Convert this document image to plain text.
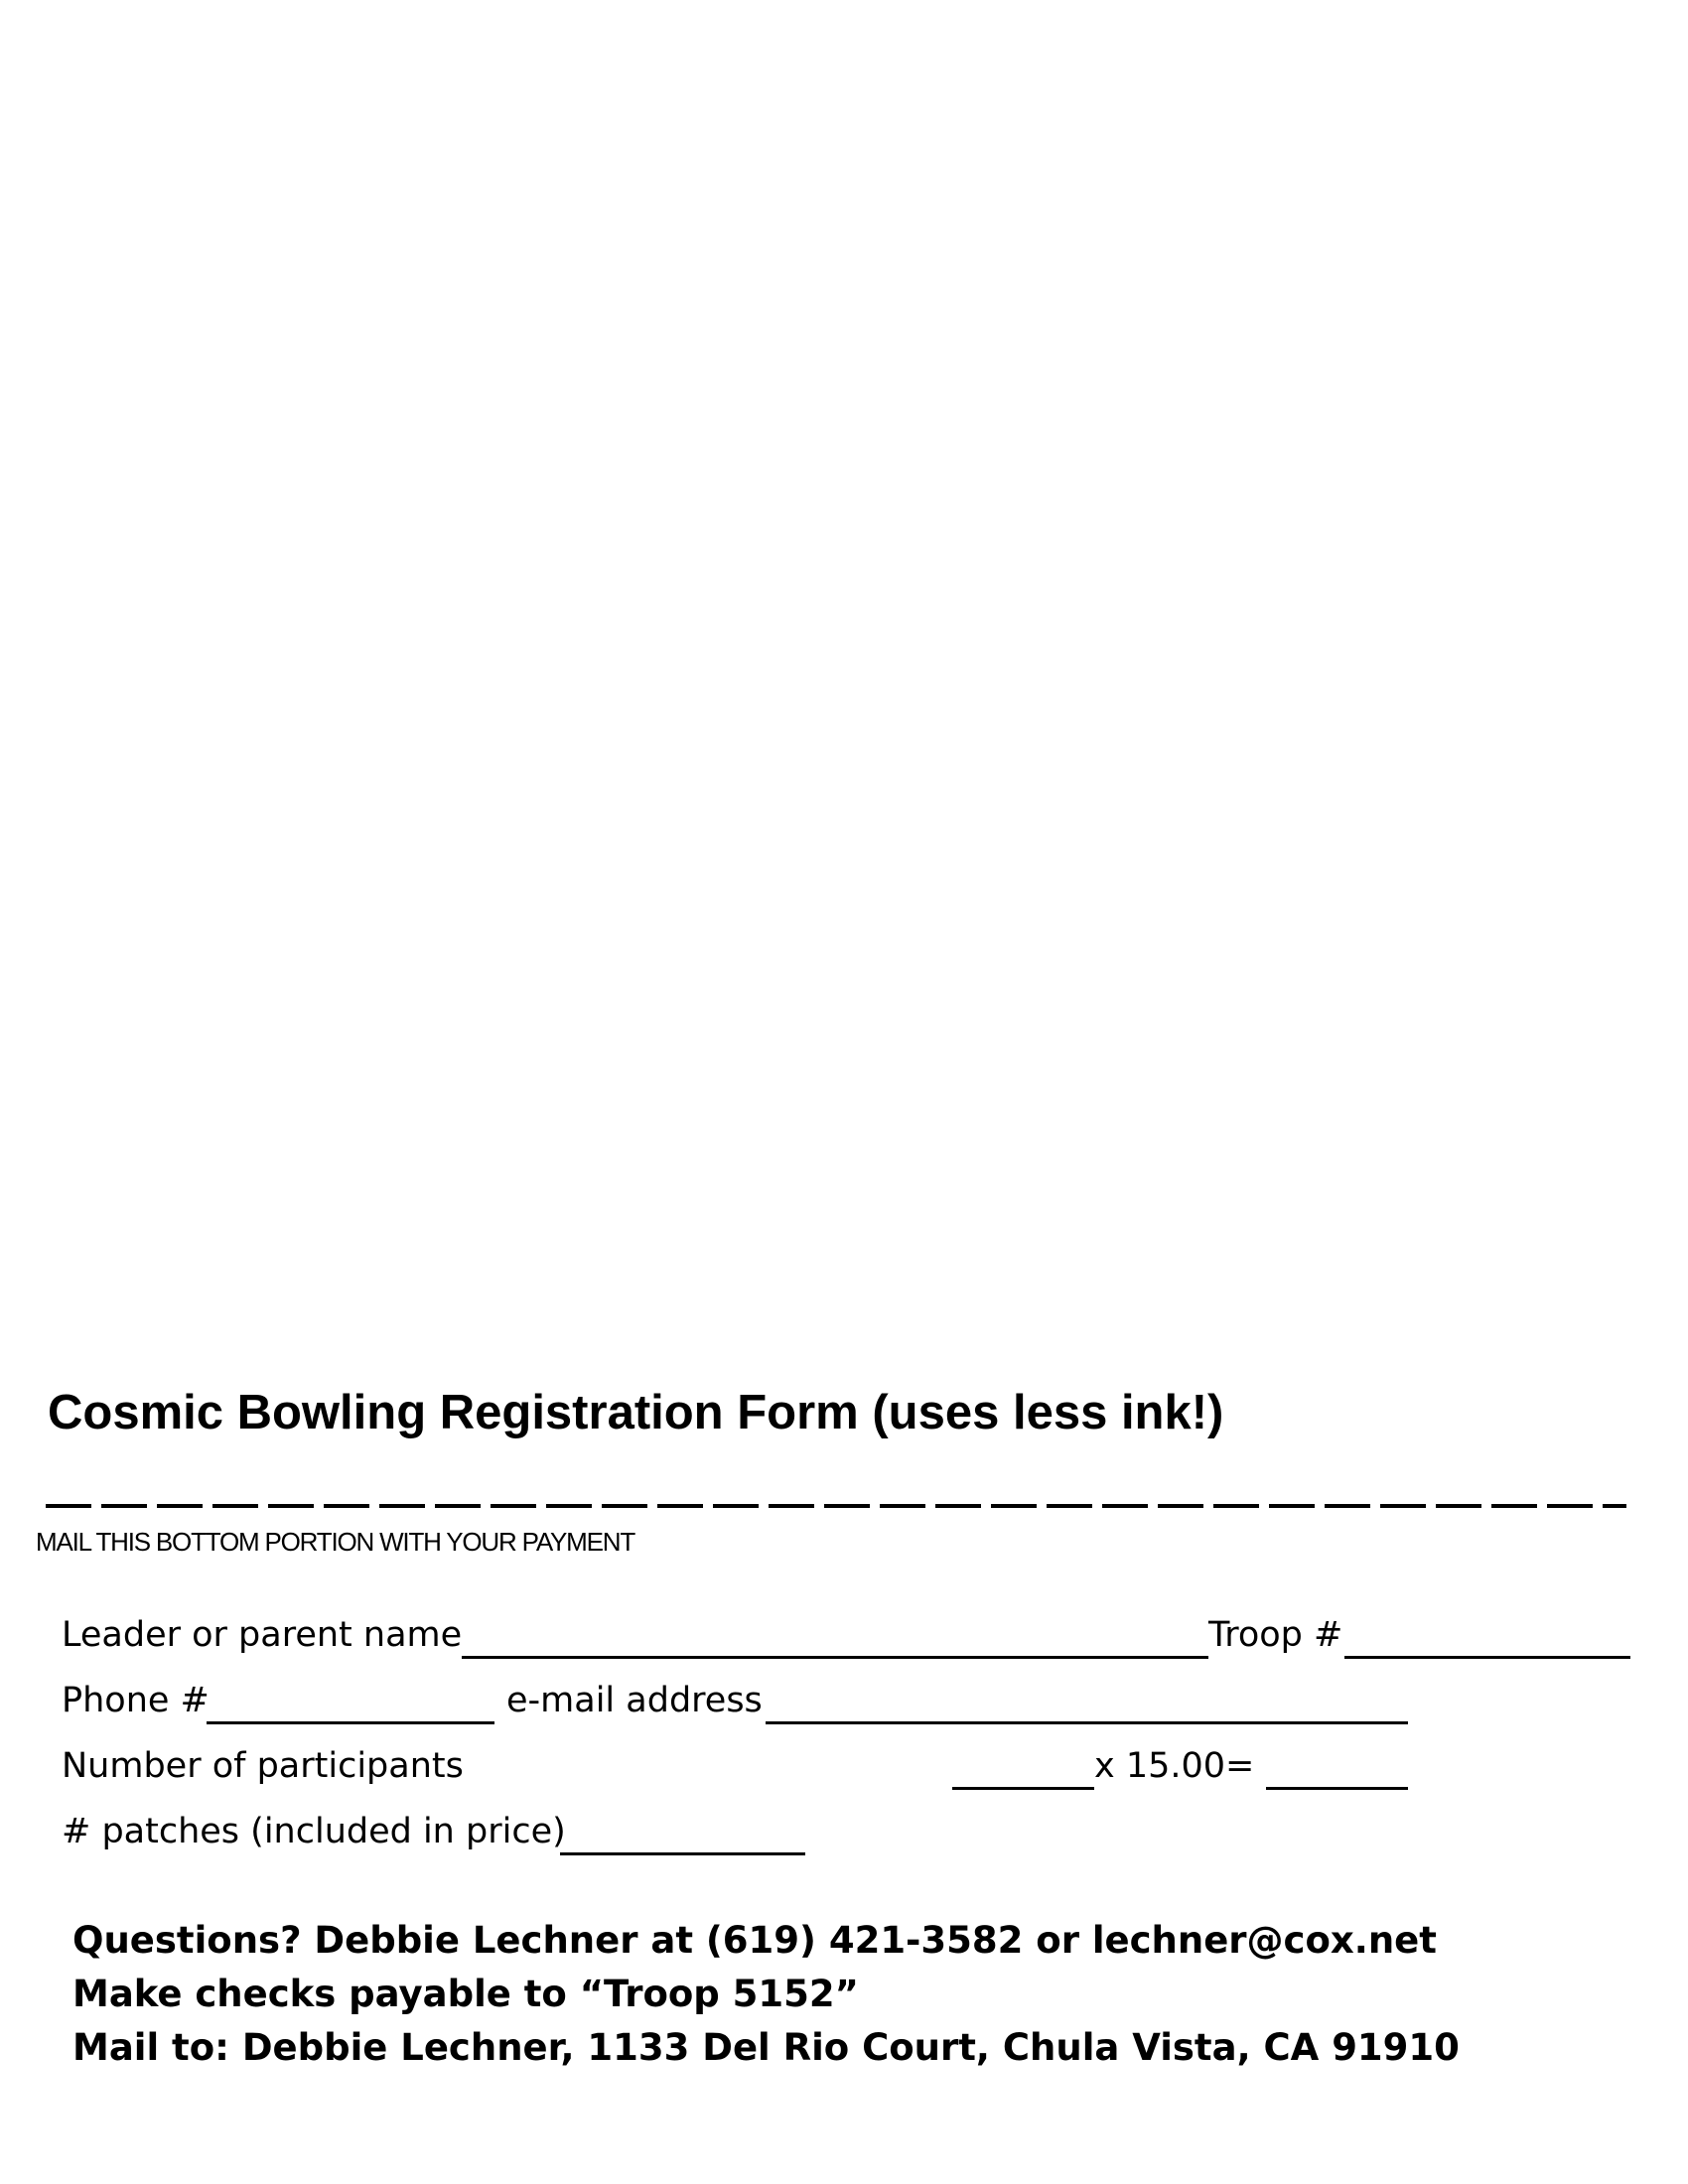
Cosmic Bowling Registration Form (uses less ink!)
MAIL THIS BOTTOM PORTION WITH YOUR PAYMENT
Leader or parent name	Troop #
Phone #	e-mail address
Number of participants	x 15.00=
# patches (included in price)
Questions? Debbie Lechner at (619) 421-3582 or lechner@cox.net
Make checks payable to “Troop 5152”
Mail to: Debbie Lechner, 1133 Del Rio Court, Chula Vista, CA 91910
